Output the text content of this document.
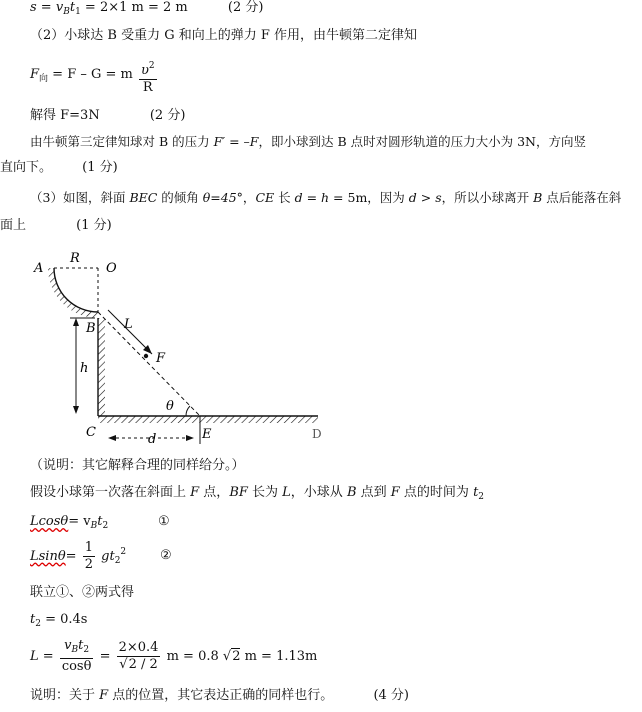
$s = v_Bt_1 = 2\times 1$ m = 2 m	(2 分)
（2）小球达 B 受重力 G 和向上的弹力 F 作用，由牛顿第二定律知
$F_向 = F - G = m \frac{\upsilon^2}{R}$
解得 F=3N	(2 分)
由牛顿第三定律知球对 B 的压力 F′ = –F，即小球到达 B 点时对圆形轨道的压力大小为 3N，方向竖
直向下。 (1 分)
（3）如图，斜面 BEC 的倾角 θ=45°，CE 长 d = h = 5m，因为 d > s，所以小球离开 B 点后能落在斜
面上	(1 分)
A
R
O
B L
F
h
θ
C	d	E	D
（说明：其它解释合理的同样给分。）
假设小球第一次落在斜面上 F 点，BF 长为 L，小球从 B 点到 F 点的时间为 $t_2$
$Lcos\theta= v_Bt_2$	①
$Lsin\theta= \frac{1}{2} gt_2^2$	②
联立①、②两式得
$t_2 = 0.4s$
$L = \frac{v_Bt_2}{\cos\theta} = \frac{2\times 0.4}{√2 / 2}$ m = 0.8 √2 m = 1.13m
说明：关于 F 点的位置，其它表达正确的同样也行。	(4 分)
